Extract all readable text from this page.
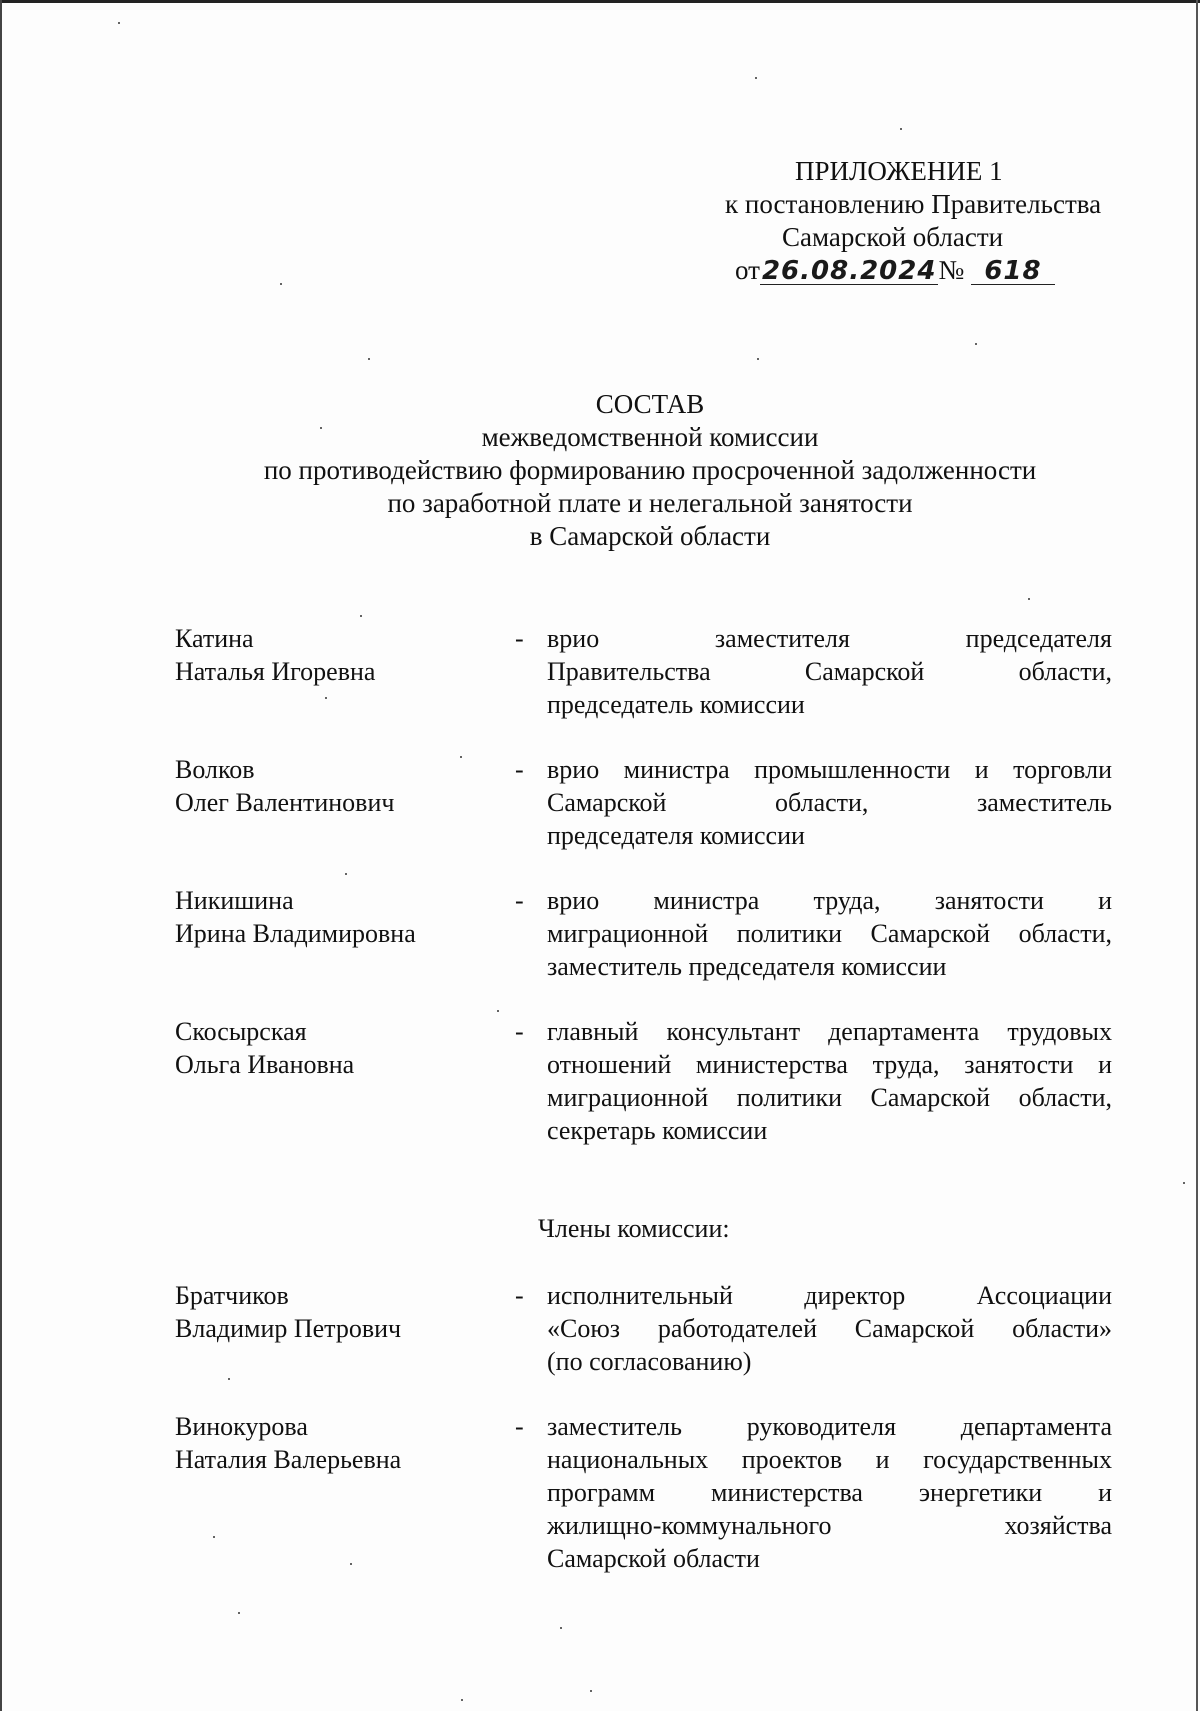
ПРИЛОЖЕНИЕ 1
к постановлению Правительства
Самарской области
от26.08.2024№ 618
СОСТАВ
межведомственной комиссии
по противодействию формированию просроченной задолженности
по заработной плате и нелегальной занятости
в Самарской области
Катина
Наталья Игоревна
- врио заместителя председателя
Правительства Самарской области,
председатель комиссии
Волков
Олег Валентинович
- врио министра промышленности и торговли
Самарской области, заместитель
председателя комиссии
Никишина
Ирина Владимировна
- врио министра труда, занятости и
миграционной политики Самарской области,
заместитель председателя комиссии
Скосырская
Ольга Ивановна
- главный консультант департамента трудовых
отношений министерства труда, занятости и
миграционной политики Самарской области,
секретарь комиссии
Члены комиссии:
Братчиков
Владимир Петрович
- исполнительный директор Ассоциации
«Союз работодателей Самарской области»
(по согласованию)
Винокурова
Наталия Валерьевна
- заместитель руководителя департамента
национальных проектов и государственных
программ министерства энергетики и
жилищно-коммунального хозяйства
Самарской области
